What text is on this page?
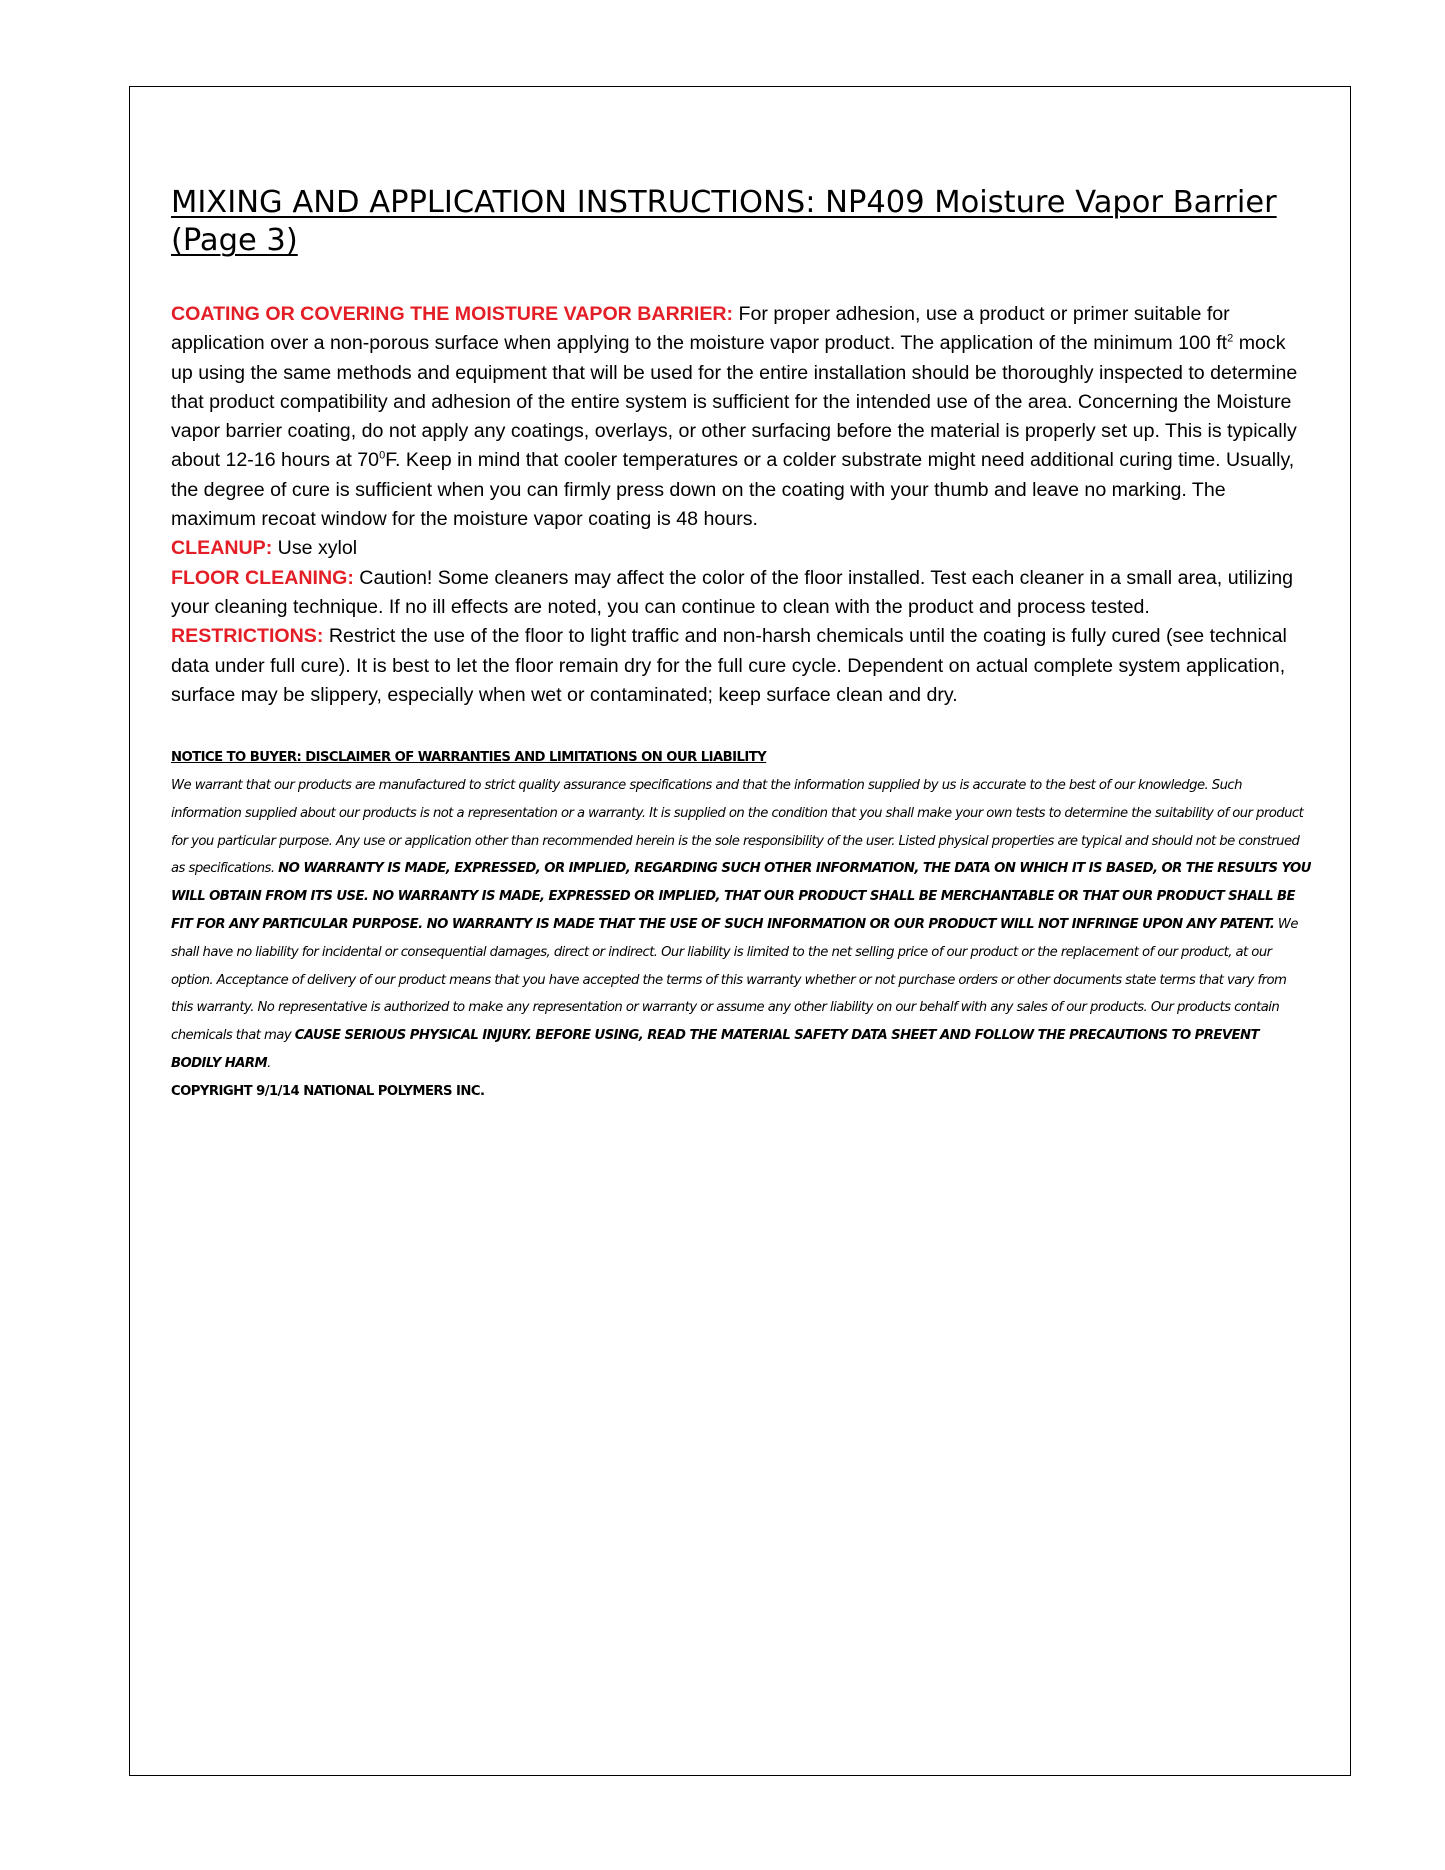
MIXING AND APPLICATION INSTRUCTIONS: NP409 Moisture Vapor Barrier (Page 3)

COATING OR COVERING THE MOISTURE VAPOR BARRIER: For proper adhesion, use a product or primer suitable for application over a non-porous surface when applying to the moisture vapor product. The application of the minimum 100 $ft^2$ mock up using the same methods and equipment that will be used for the entire installation should be thoroughly inspected to determine that product compatibility and adhesion of the entire system is sufficient for the intended use of the area. Concerning the Moisture vapor barrier coating, do not apply any coatings, overlays, or other surfacing before the material is properly set up. This is typically about 12-16 hours at $70^0F$. Keep in mind that cooler temperatures or a colder substrate might need additional curing time. Usually, the degree of cure is sufficient when you can firmly press down on the coating with your thumb and leave no marking. The maximum recoat window for the moisture vapor coating is 48 hours.

CLEANUP: Use xylol

FLOOR CLEANING: Caution! Some cleaners may affect the color of the floor installed. Test each cleaner in a small area, utilizing your cleaning technique. If no ill effects are noted, you can continue to clean with the product and process tested.

RESTRICTIONS: Restrict the use of the floor to light traffic and non-harsh chemicals until the coating is fully cured (see technical data under full cure). It is best to let the floor remain dry for the full cure cycle. Dependent on actual complete system application, surface may be slippery, especially when wet or contaminated; keep surface clean and dry.

NOTICE TO BUYER: DISCLAIMER OF WARRANTIES AND LIMITATIONS ON OUR LIABILITY

We warrant that our products are manufactured to strict quality assurance specifications and that the information supplied by us is accurate to the best of our knowledge. Such information supplied about our products is not a representation or a warranty. It is supplied on the condition that you shall make your own tests to determine the suitability of our product for you particular purpose. Any use or application other than recommended herein is the sole responsibility of the user. Listed physical properties are typical and should not be construed as specifications. NO WARRANTY IS MADE, EXPRESSED, OR IMPLIED, REGARDING SUCH OTHER INFORMATION, THE DATA ON WHICH IT IS BASED, OR THE RESULTS YOU WILL OBTAIN FROM ITS USE. NO WARRANTY IS MADE, EXPRESSED OR IMPLIED, THAT OUR PRODUCT SHALL BE MERCHANTABLE OR THAT OUR PRODUCT SHALL BE FIT FOR ANY PARTICULAR PURPOSE. NO WARRANTY IS MADE THAT THE USE OF SUCH INFORMATION OR OUR PRODUCT WILL NOT INFRINGE UPON ANY PATENT. We shall have no liability for incidental or consequential damages, direct or indirect. Our liability is limited to the net selling price of our product or the replacement of our product, at our option. Acceptance of delivery of our product means that you have accepted the terms of this warranty whether or not purchase orders or other documents state terms that vary from this warranty. No representative is authorized to make any representation or warranty or assume any other liability on our behalf with any sales of our products. Our products contain chemicals that may CAUSE SERIOUS PHYSICAL INJURY. BEFORE USING, READ THE MATERIAL SAFETY DATA SHEET AND FOLLOW THE PRECAUTIONS TO PREVENT BODILY HARM.

COPYRIGHT 9/1/14 NATIONAL POLYMERS INC.
